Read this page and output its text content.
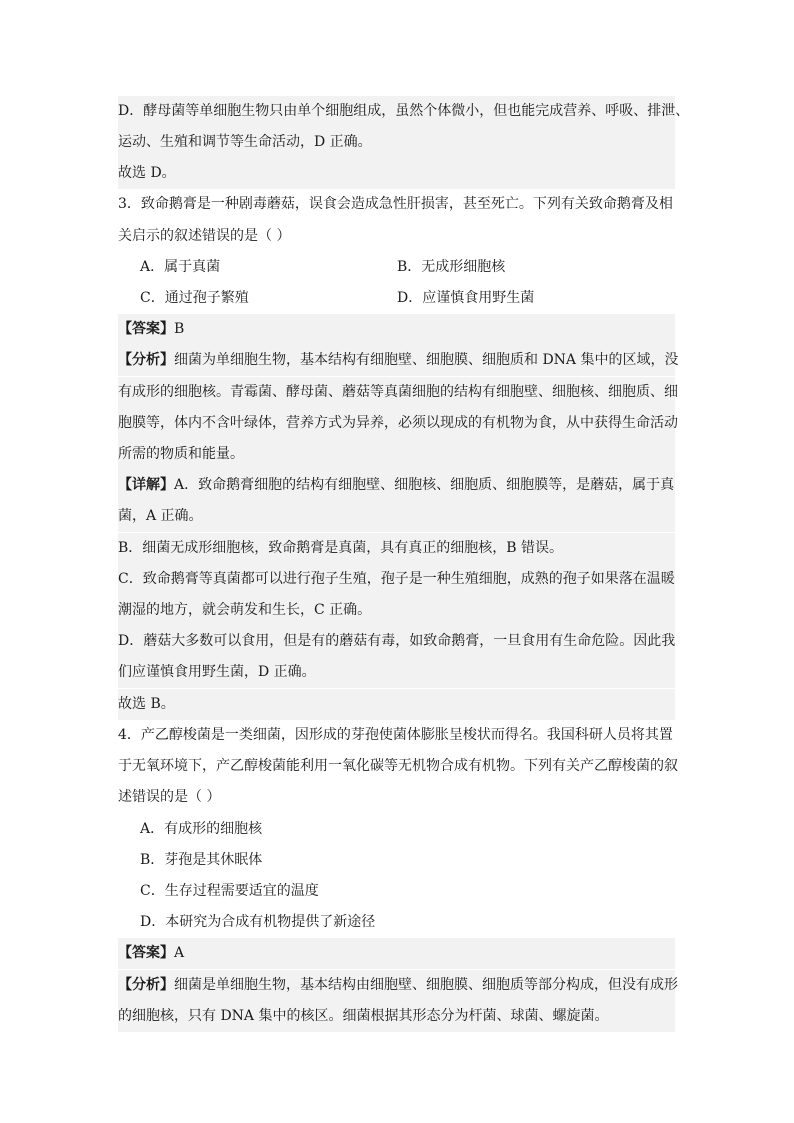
D．酵母菌等单细胞生物只由单个细胞组成，虽然个体微小，但也能完成营养、呼吸、排泄、
运动、生殖和调节等生命活动，D 正确。
故选 D。
3．致命鹅膏是一种剧毒蘑菇，误食会造成急性肝损害，甚至死亡。下列有关致命鹅膏及相
关启示的叙述错误的是（ ）
A．属于真菌	B．无成形细胞核
C．通过孢子繁殖	D．应谨慎食用野生菌
【答案】B
【分析】细菌为单细胞生物，基本结构有细胞壁、细胞膜、细胞质和 DNA 集中的区域，没
有成形的细胞核。青霉菌、酵母菌、蘑菇等真菌细胞的结构有细胞壁、细胞核、细胞质、细
胞膜等，体内不含叶绿体，营养方式为异养，必须以现成的有机物为食，从中获得生命活动
所需的物质和能量。
【详解】A．致命鹅膏细胞的结构有细胞壁、细胞核、细胞质、细胞膜等，是蘑菇，属于真
菌，A 正确。
B．细菌无成形细胞核，致命鹅膏是真菌，具有真正的细胞核，B 错误。
C．致命鹅膏等真菌都可以进行孢子生殖，孢子是一种生殖细胞，成熟的孢子如果落在温暖
潮湿的地方，就会萌发和生长，C 正确。
D．蘑菇大多数可以食用，但是有的蘑菇有毒，如致命鹅膏，一旦食用有生命危险。因此我
们应谨慎食用野生菌，D 正确。
故选 B。
4．产乙醇梭菌是一类细菌，因形成的芽孢使菌体膨胀呈梭状而得名。我国科研人员将其置
于无氧环境下，产乙醇梭菌能利用一氧化碳等无机物合成有机物。下列有关产乙醇梭菌的叙
述错误的是（ ）
A．有成形的细胞核
B．芽孢是其休眠体
C．生存过程需要适宜的温度
D．本研究为合成有机物提供了新途径
【答案】A
【分析】细菌是单细胞生物，基本结构由细胞壁、细胞膜、细胞质等部分构成，但没有成形
的细胞核，只有 DNA 集中的核区。细菌根据其形态分为杆菌、球菌、螺旋菌。
